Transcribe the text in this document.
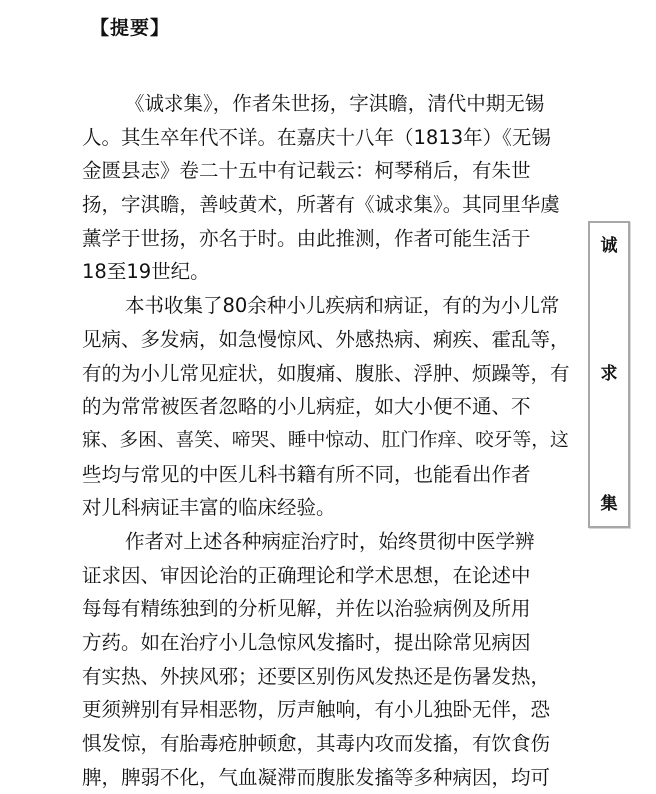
【提要】
《诚求集》，作者朱世扬，字淇瞻，清代中期无锡
人。其生卒年代不详。在嘉庆十八年（1813年）《无锡
金匮县志》卷二十五中有记载云：柯琴稍后，有朱世
扬，字淇瞻，善岐黄术，所著有《诚求集》。其同里华虞
薰学于世扬，亦名于时。由此推测，作者可能生活于
18至19世纪。
本书收集了80余种小儿疾病和病证，有的为小儿常
见病、多发病，如急慢惊风、外感热病、痢疾、霍乱等，
有的为小儿常见症状，如腹痛、腹胀、浮肿、烦躁等，有
的为常常被医者忽略的小儿病症，如大小便不通、不
寐、多困、喜笑、啼哭、睡中惊动、肛门作痒、咬牙等，这
些均与常见的中医儿科书籍有所不同，也能看出作者
对儿科病证丰富的临床经验。
作者对上述各种病症治疗时，始终贯彻中医学辨
证求因、审因论治的正确理论和学术思想，在论述中
每每有精练独到的分析见解，并佐以治验病例及所用
方药。如在治疗小儿急惊风发搐时，提出除常见病因
有实热、外挟风邪；还要区别伤风发热还是伤暑发热，
更须辨别有异相恶物，厉声触响，有小儿独卧无伴，恐
惧发惊，有胎毒疮肿顿愈，其毒内攻而发搐，有饮食伤
脾，脾弱不化，气血凝滞而腹胀发搐等多种病因，均可
诚
求
集
